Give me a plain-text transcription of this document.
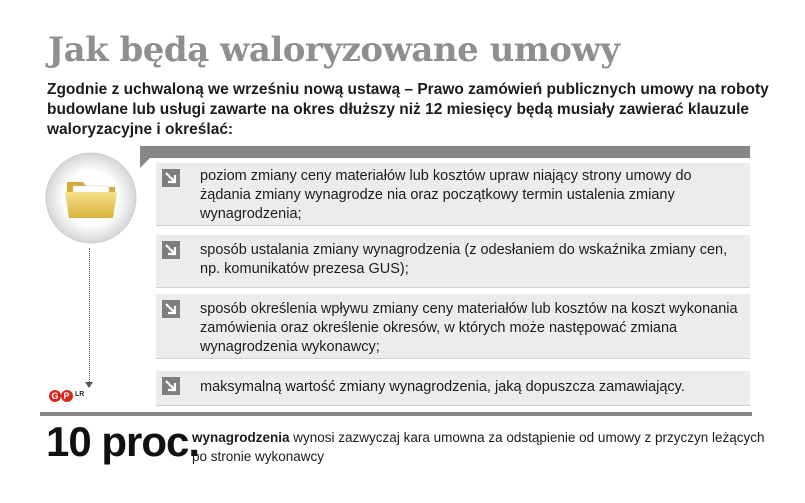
Jak będą waloryzowane umowy
Zgodnie z uchwaloną we wrześniu nową ustawą – Prawo zamówień publicznych umowy na roboty budowlane lub usługi zawarte na okres dłuższy niż 12 miesięcy będą musiały zawierać klauzule waloryzacyjne i określać:
G P LR
poziom zmiany ceny materiałów lub kosztów upraw niający strony umowy do żądania zmiany wynagrodze nia oraz początkowy termin ustalenia zmiany wynagrodzenia;
sposób ustalania zmiany wynagrodzenia (z odesłaniem do wskaźnika zmiany cen, np. komunikatów prezesa GUS);
sposób określenia wpływu zmiany ceny materiałów lub kosztów na koszt wykonania zamówienia oraz określenie okresów, w których może następować zmiana wynagrodzenia wykonawcy;
maksymalną wartość zmiany wynagrodzenia, jaką dopuszcza zamawiający.
10 proc.
wynagrodzenia wynosi zazwyczaj kara umowna za odstąpienie od umowy z przyczyn leżących po stronie wykonawcy
